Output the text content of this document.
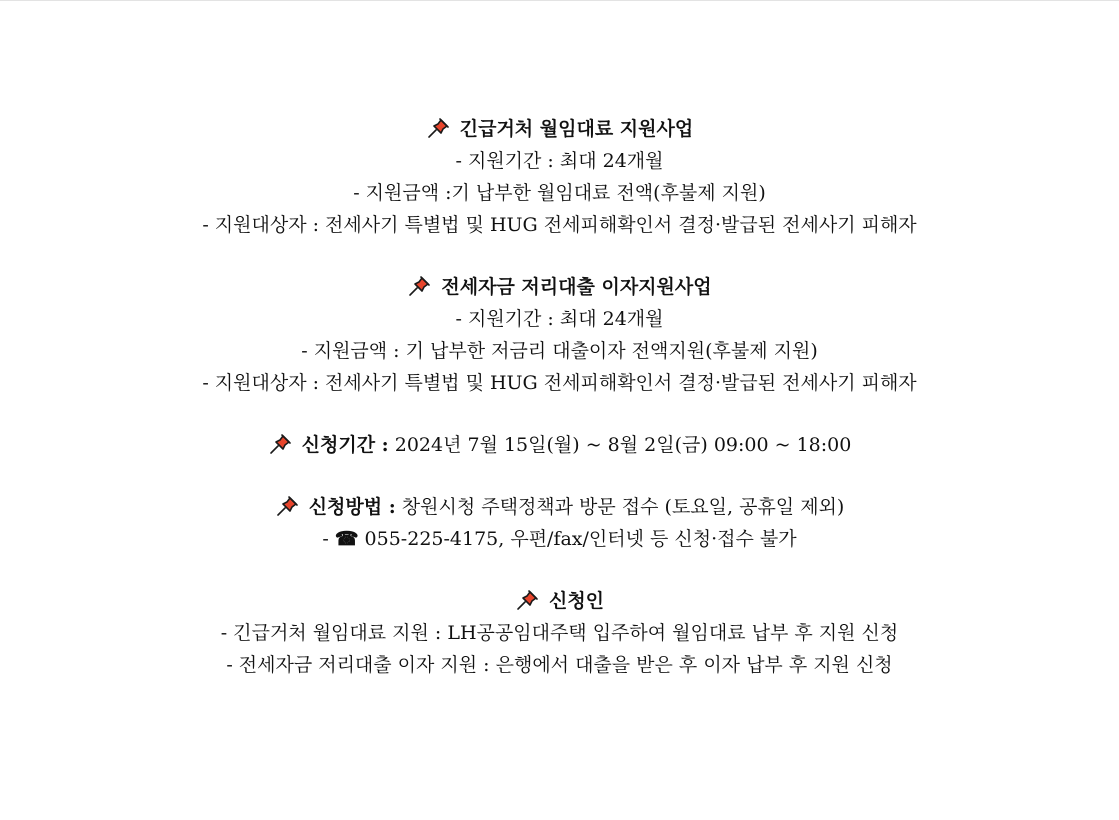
긴급거처 월임대료 지원사업
- 지원기간 : 최대 24개월
- 지원금액 :기 납부한 월임대료 전액(후불제 지원)
- 지원대상자 : 전세사기 특별법 및 HUG 전세피해확인서 결정·발급된 전세사기 피해자
전세자금 저리대출 이자지원사업
- 지원기간 : 최대 24개월
- 지원금액 : 기 납부한 저금리 대출이자 전액지원(후불제 지원)
- 지원대상자 : 전세사기 특별법 및 HUG 전세피해확인서 결정·발급된 전세사기 피해자
신청기간 : 2024년 7월 15일(월) ~ 8월 2일(금) 09:00 ~ 18:00
신청방법 : 창원시청 주택정책과 방문 접수 (토요일, 공휴일 제외)
- ☎ 055-225-4175, 우편/fax/인터넷 등 신청·접수 불가
신청인
- 긴급거처 월임대료 지원 : LH공공임대주택 입주하여 월임대료 납부 후 지원 신청
- 전세자금 저리대출 이자 지원 : 은행에서 대출을 받은 후 이자 납부 후 지원 신청
